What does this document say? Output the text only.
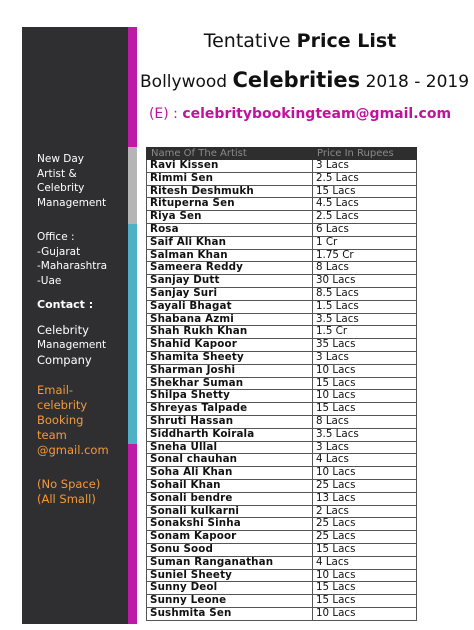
Tentative Price List
Bollywood Celebrities 2018 - 2019
(E) : celebritybookingteam@gmail.com
New Day
Artist &
Celebrity
Management
Office :
-Gujarat
-Maharashtra
-Uae
Contact :
Celebrity
Management
Company
Email-
celebrity
Booking
team
@gmail.com
(No Space)
(All Small)
Name Of The Artist	Price In Rupees
Ravi Kissen	3 Lacs
Rimmi Sen	2.5 Lacs
Ritesh Deshmukh	15 Lacs
Rituperna Sen	4.5 Lacs
Riya Sen	2.5 Lacs
Rosa	6 Lacs
Saif Ali Khan	1 Cr
Salman Khan	1.75 Cr
Sameera Reddy	8 Lacs
Sanjay Dutt	30 Lacs
Sanjay Suri	8.5 Lacs
Sayali Bhagat	1.5 Lacs
Shabana Azmi	3.5 Lacs
Shah Rukh Khan	1.5 Cr
Shahid Kapoor	35 Lacs
Shamita Sheety	3 Lacs
Sharman Joshi	10 Lacs
Shekhar Suman	15 Lacs
Shilpa Shetty	10 Lacs
Shreyas Talpade	15 Lacs
Shruti Hassan	8 Lacs
Siddharth Koirala	3.5 Lacs
Sneha Ullal	3 Lacs
Sonal chauhan	4 Lacs
Soha Ali Khan	10 Lacs
Sohail Khan	25 Lacs
Sonali bendre	13 Lacs
Sonali kulkarni	2 Lacs
Sonakshi Sinha	25 Lacs
Sonam Kapoor	25 Lacs
Sonu Sood	15 Lacs
Suman Ranganathan	4 Lacs
Suniel Sheety	10 Lacs
Sunny Deol	15 Lacs
Sunny Leone	15 Lacs
Sushmita Sen	10 Lacs
